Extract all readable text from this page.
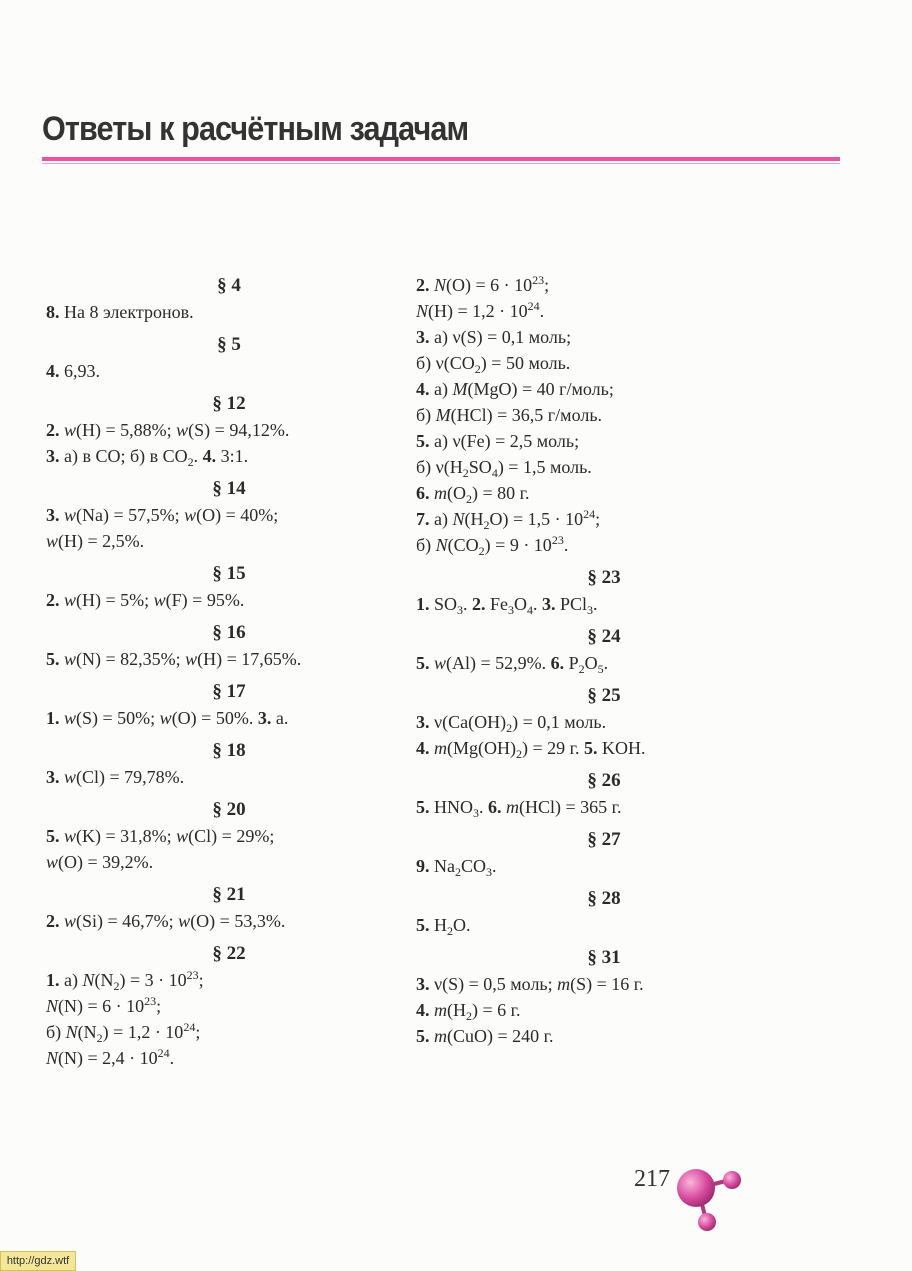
Ответы к расчётным задачам
§ 4
8. На 8 электронов.
§ 5
4. 6,93.
§ 12
2. w(H) = 5,88%; w(S) = 94,12%.
3. а) в CO; б) в $CO_2$. 4. 3:1.
§ 14
3. w(Na) = 57,5%; w(O) = 40%;
w(H) = 2,5%.
§ 15
2. w(H) = 5%; w(F) = 95%.
§ 16
5. w(N) = 82,35%; w(H) = 17,65%.
§ 17
1. w(S) = 50%; w(O) = 50%. 3. а.
§ 18
3. w(Cl) = 79,78%.
§ 20
5. w(K) = 31,8%; w(Cl) = 29%;
w(O) = 39,2%.
§ 21
2. w(Si) = 46,7%; w(O) = 53,3%.
§ 22
1. а) $N(N_2) = 3 \cdot 10^{23}$;
$N(N) = 6 \cdot 10^{23}$;
б) $N(N_2) = 1,2 \cdot 10^{24}$;
$N(N) = 2,4 \cdot 10^{24}$.
2. $N(O) = 6 \cdot 10^{23}$;
$N(H) = 1,2 \cdot 10^{24}$.
3. а) ν(S) = 0,1 моль;
б) $\nu(CO_2) = 50$ моль.
4. а) M(MgO) = 40 г/моль;
б) M(HCl) = 36,5 г/моль.
5. а) ν(Fe) = 2,5 моль;
б) $\nu(H_2SO_4) = 1,5$ моль.
6. $m(O_2) = 80$ г.
7. а) $N(H_2O) = 1,5 \cdot 10^{24}$;
б) $N(CO_2) = 9 \cdot 10^{23}$.
§ 23
1. $SO_3$. 2. $Fe_3O_4$. 3. PCl$_3$.
§ 24
5. w(Al) = 52,9%. 6. $P_2O_5$.
§ 25
3. $\nu(Ca(OH)_2) = 0,1$ моль.
4. $m(Mg(OH)_2) = 29$ г. 5. KOH.
§ 26
5. $HNO_3$. 6. m(HCl) = 365 г.
§ 27
9. $Na_2CO_3$.
§ 28
5. $H_2O$.
§ 31
3. ν(S) = 0,5 моль; m(S) = 16 г.
4. $m(H_2) = 6$ г.
5. m(CuO) = 240 г.
217
http://gdz.wtf
